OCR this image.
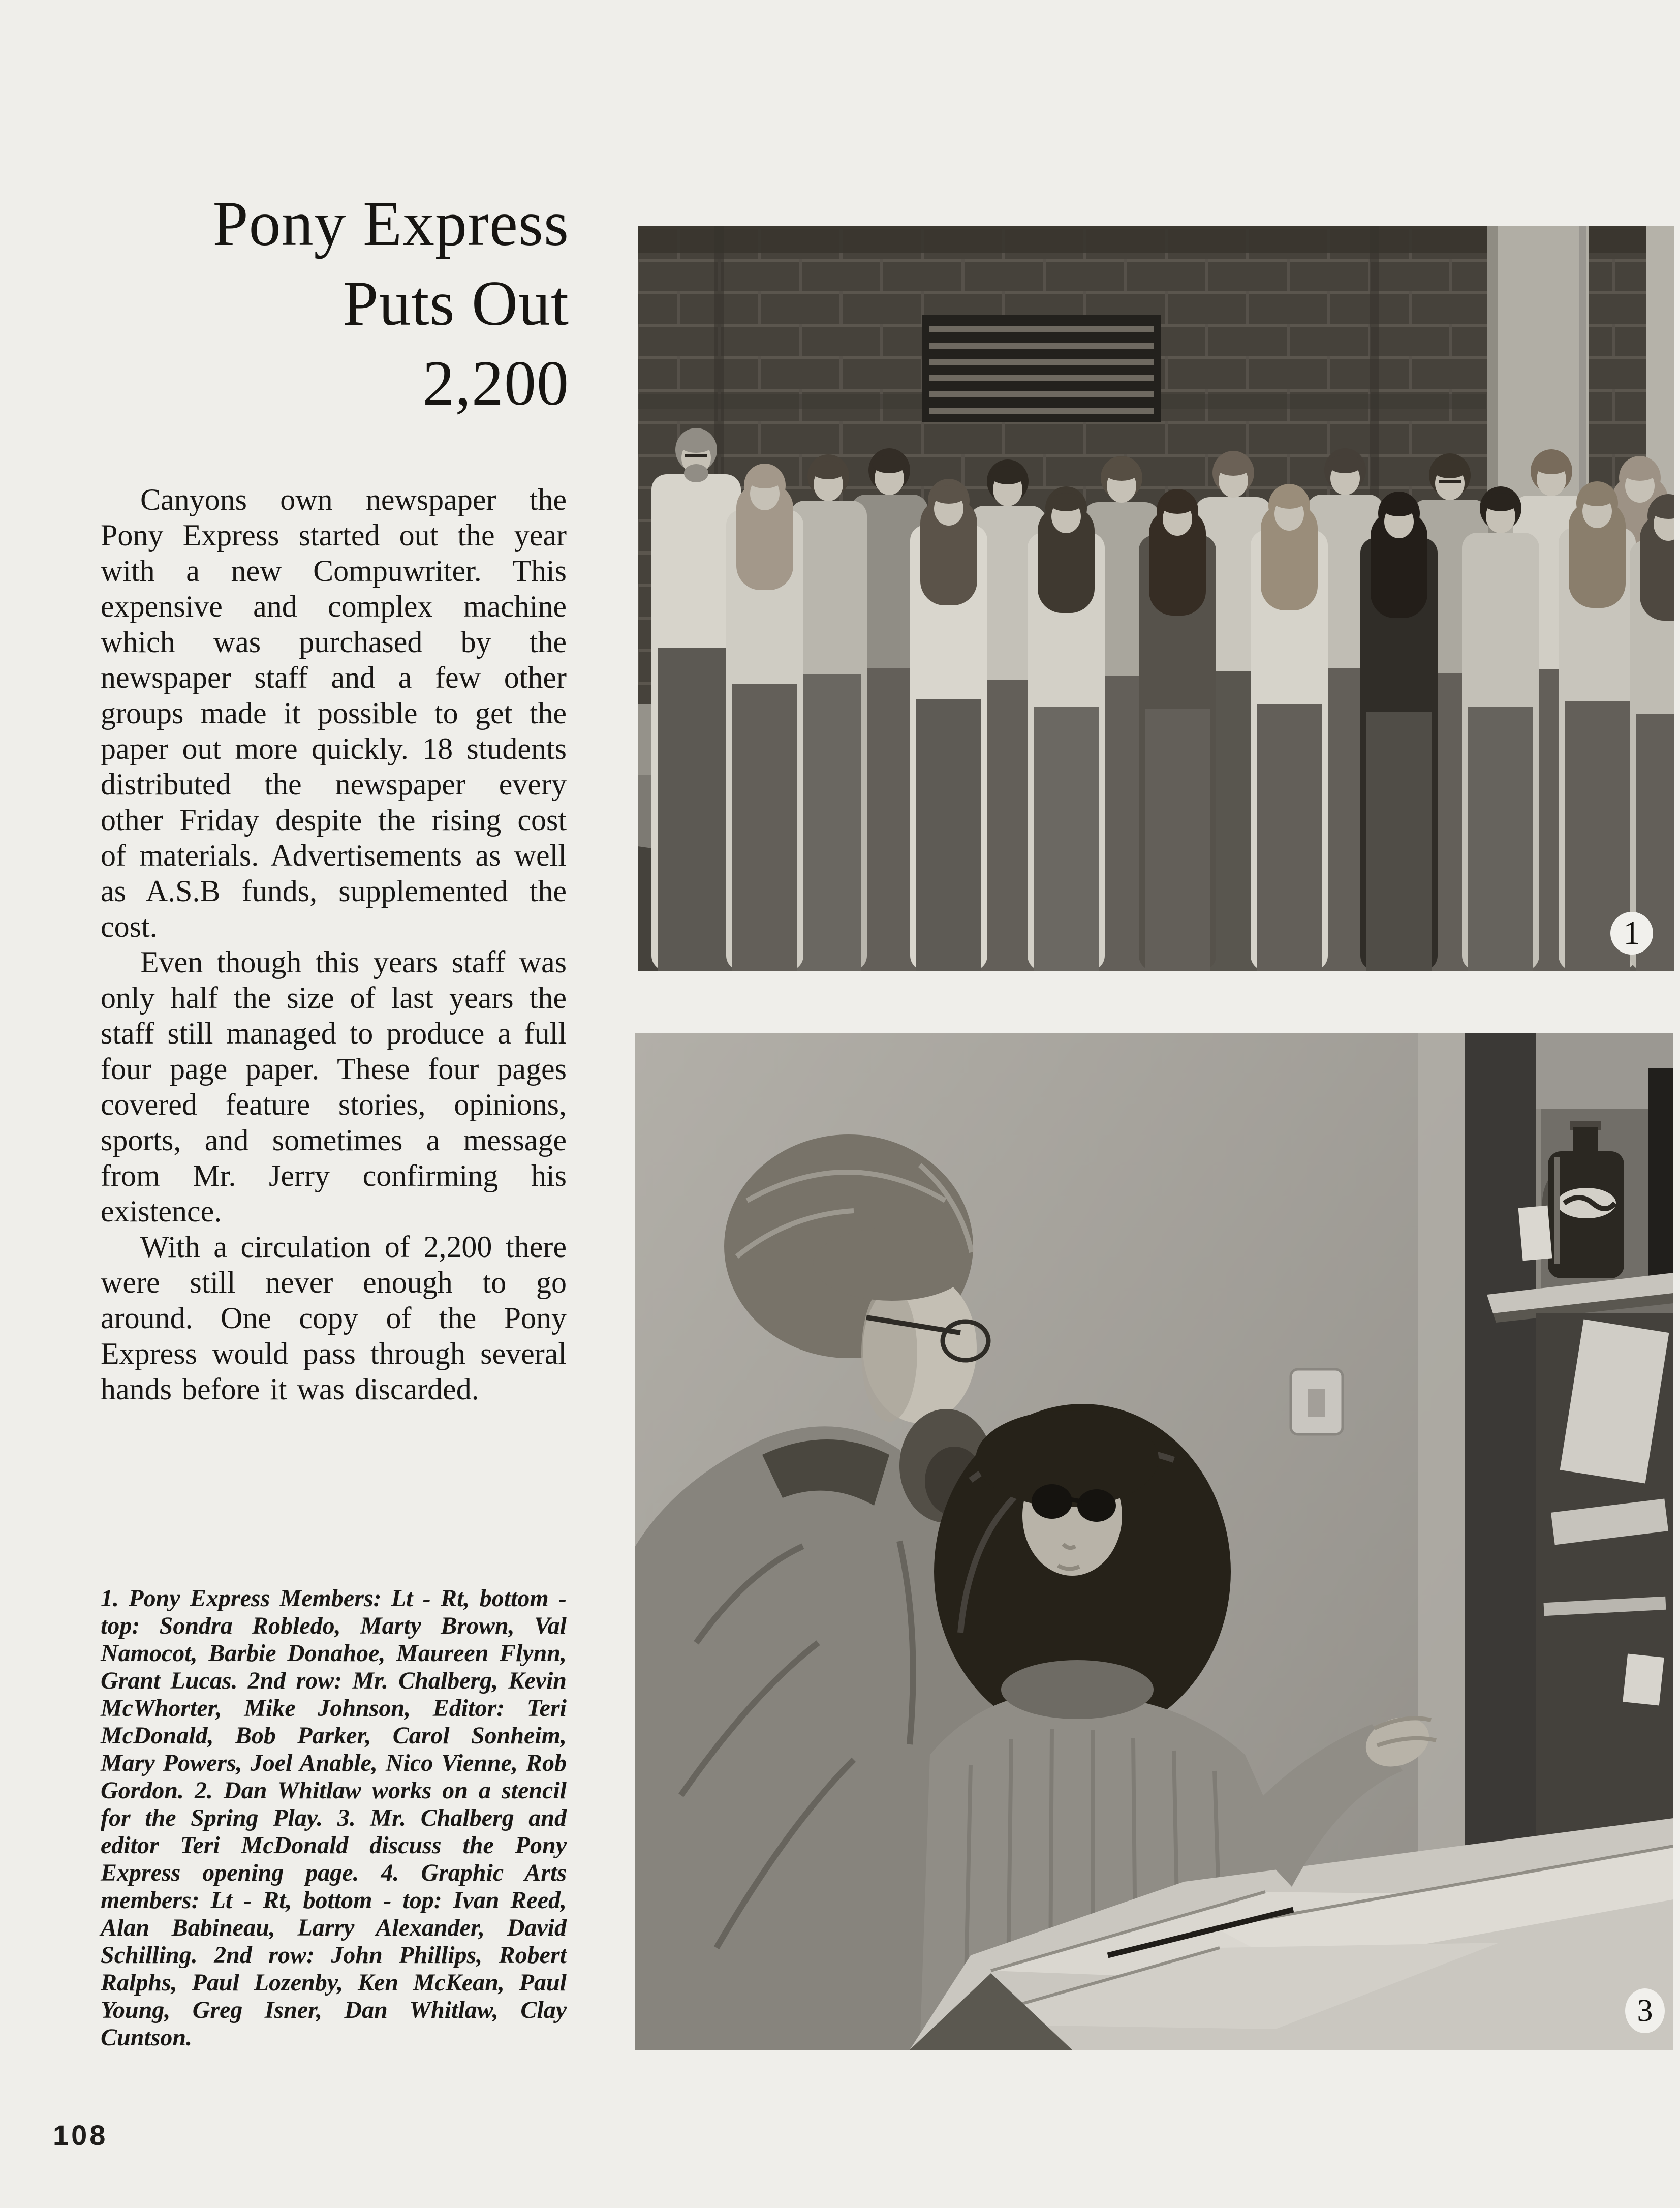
Pony Express
Puts Out
2,200

Canyons own newspaper the Pony Express started out the year with a new Compuwriter. This expensive and complex machine which was purchased by the newspaper staff and a few other groups made it possible to get the paper out more quickly. 18 students distributed the newspaper every other Friday despite the rising cost of materials. Advertisements as well as A.S.B funds, supplemented the cost.

Even though this years staff was only half the size of last years the staff still managed to produce a full four page paper. These four pages covered feature stories, opinions, sports, and sometimes a message from Mr. Jerry confirming his existence.

With a circulation of 2,200 there were still never enough to go around. One copy of the Pony Express would pass through several hands before it was discarded.

1. Pony Express Members: Lt - Rt, bottom - top: Sondra Robledo, Marty Brown, Val Namocot, Barbie Donahoe, Maureen Flynn, Grant Lucas. 2nd row: Mr. Chalberg, Kevin McWhorter, Mike Johnson, Editor: Teri McDonald, Bob Parker, Carol Sonheim, Mary Powers, Joel Anable, Nico Vienne, Rob Gordon. 2. Dan Whitlaw works on a stencil for the Spring Play. 3. Mr. Chalberg and editor Teri McDonald discuss the Pony Express opening page. 4. Graphic Arts members: Lt - Rt, bottom - top: Ivan Reed, Alan Babineau, Larry Alexander, David Schilling. 2nd row: John Phillips, Robert Ralphs, Paul Lozenby, Ken McKean, Paul Young, Greg Isner, Dan Whitlaw, Clay Cuntson.
108
1
3
